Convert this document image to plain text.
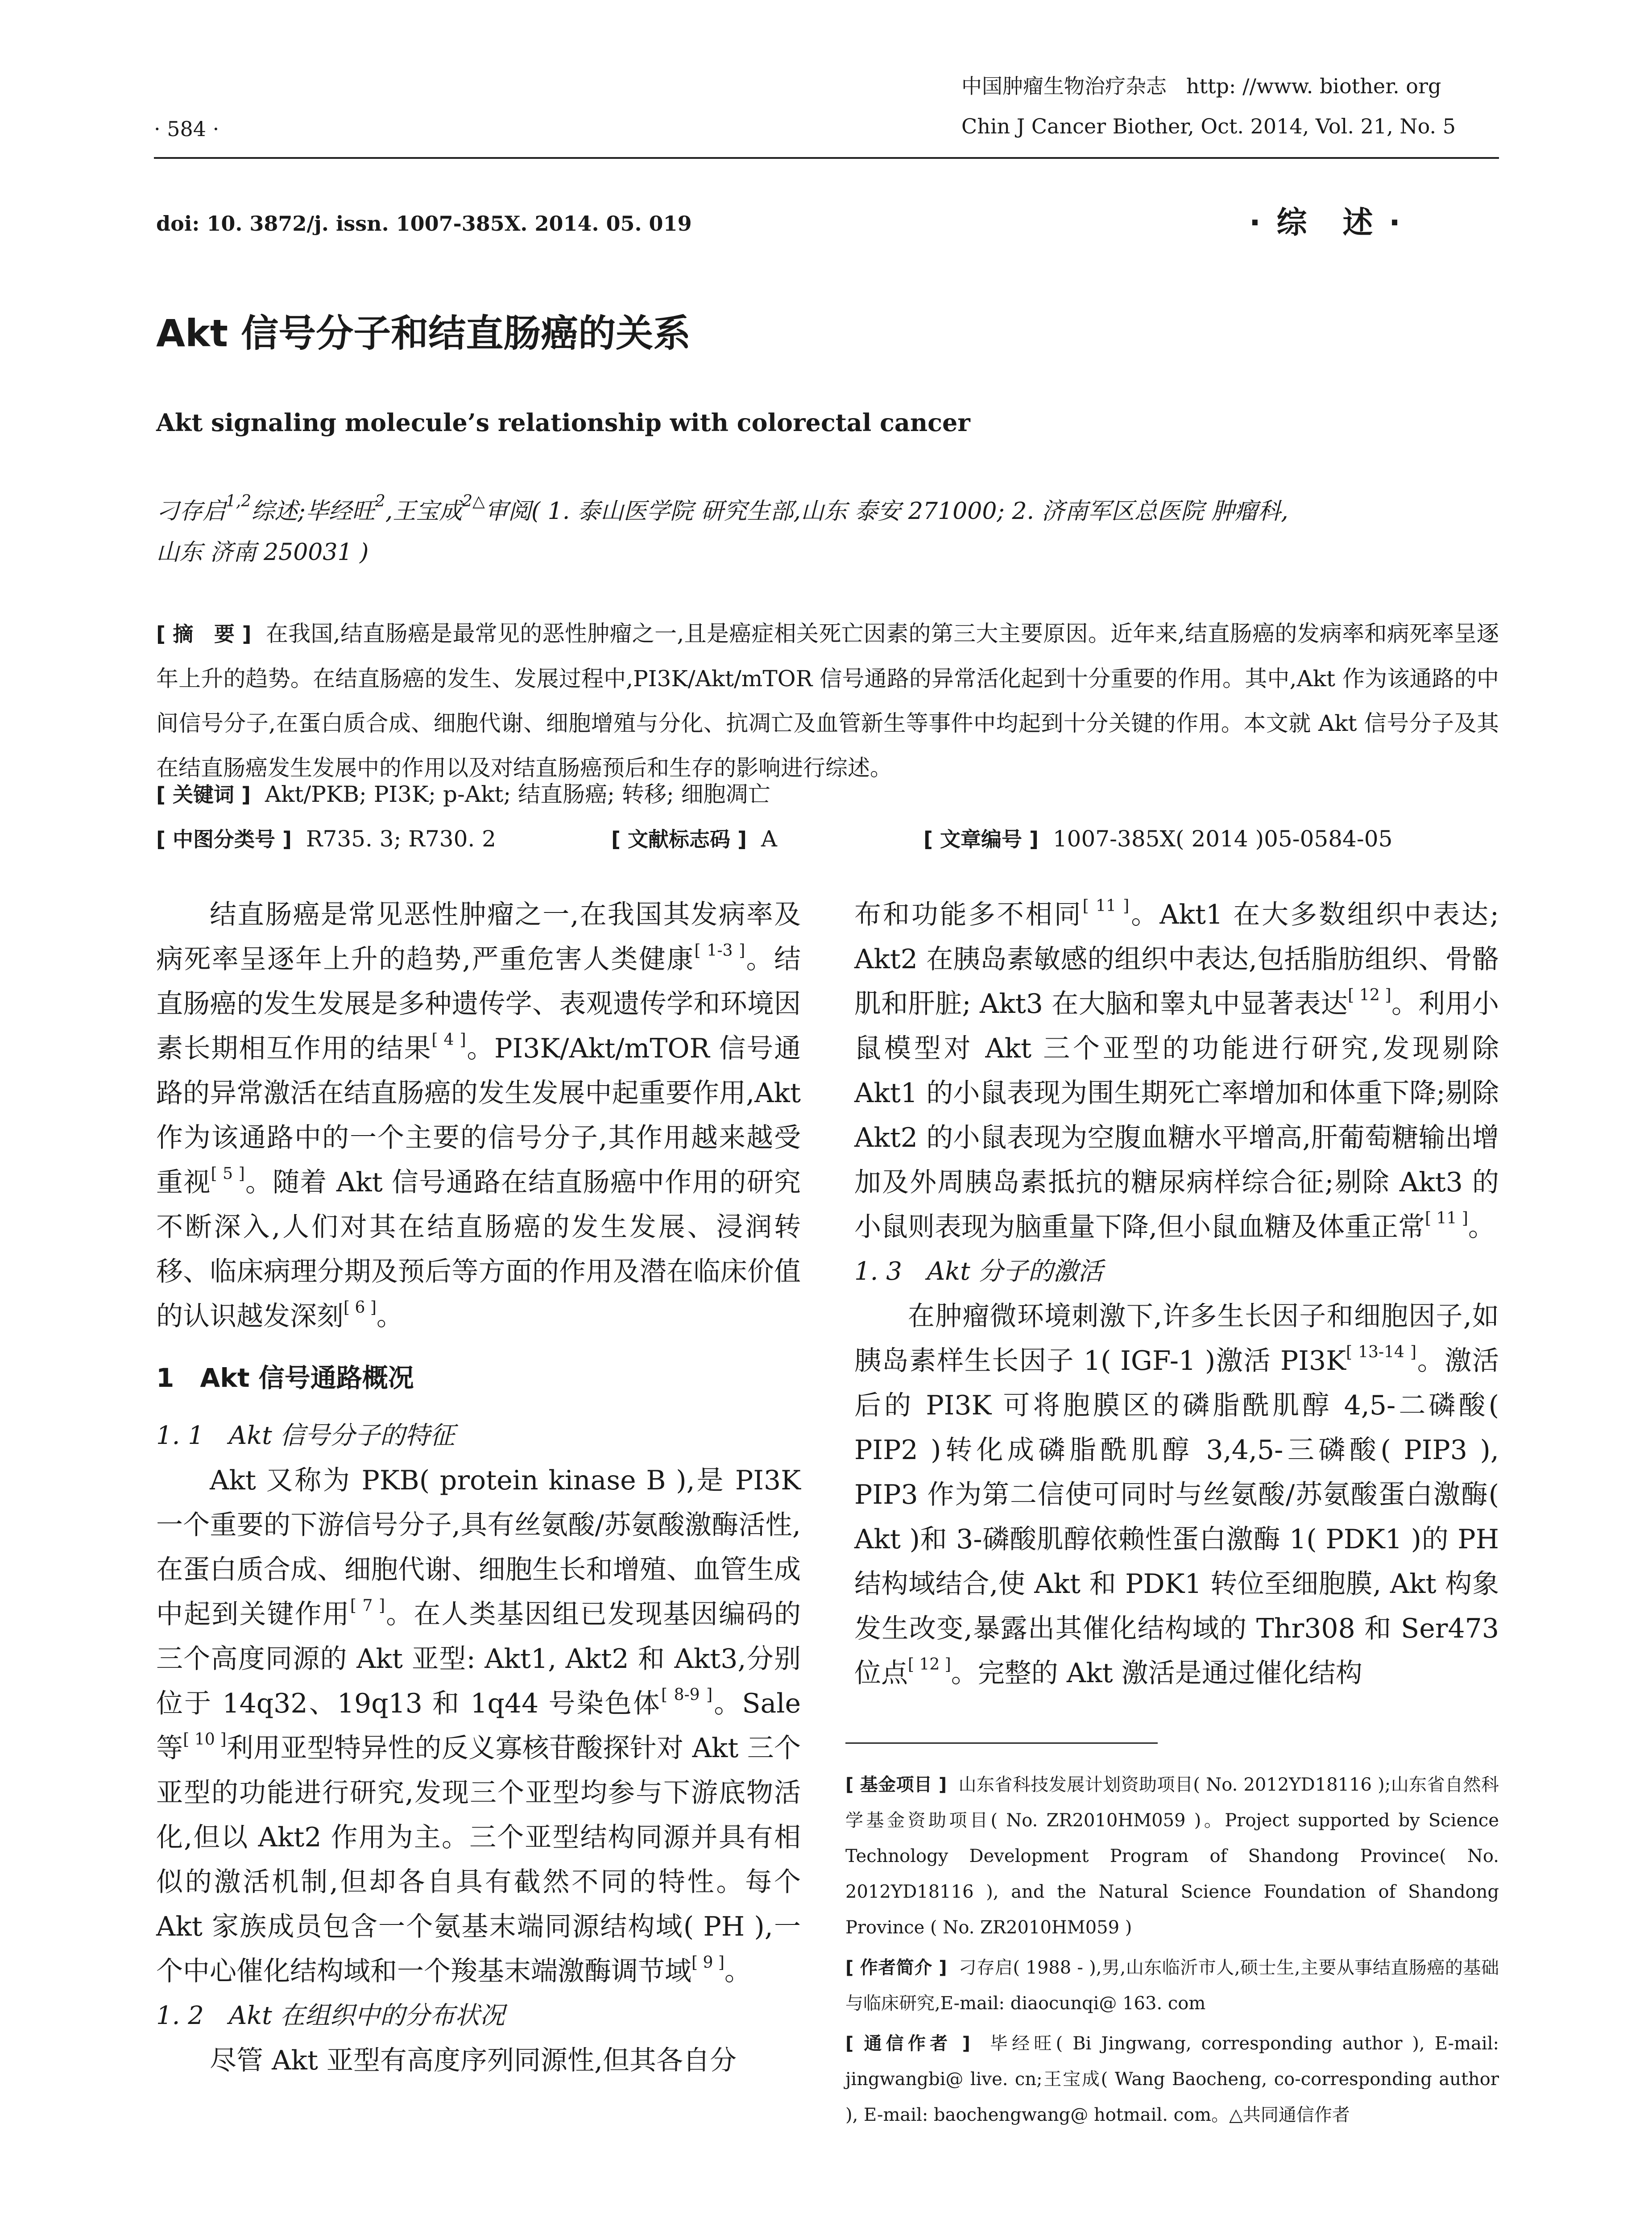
· 584 ·
中国肿瘤生物治疗杂志 http: //www. biother. org
Chin J Cancer Biother, Oct. 2014, Vol. 21, No. 5
doi: 10. 3872/j. issn. 1007-385X. 2014. 05. 019	· 综　述 ·
Akt 信号分子和结直肠癌的关系
Akt signaling molecule’s relationship with colorectal cancer
刁存启$^{1,2}$综述;毕经旺$^2$,王宝成$^{2\triangle}$审阅( 1. 泰山医学院 研究生部,山东 泰安 271000; 2. 济南军区总医院 肿瘤科,
山东 济南 250031 )
[ 摘　要 ] 在我国,结直肠癌是最常见的恶性肿瘤之一,且是癌症相关死亡因素的第三大主要原因。近年来,结直肠癌的发病率和病死率呈逐年上升的趋势。在结直肠癌的发生、发展过程中,PI3K/Akt/mTOR 信号通路的异常活化起到十分重要的作用。其中,Akt 作为该通路的中间信号分子,在蛋白质合成、细胞代谢、细胞增殖与分化、抗凋亡及血管新生等事件中均起到十分关键的作用。本文就 Akt 信号分子及其在结直肠癌发生发展中的作用以及对结直肠癌预后和生存的影响进行综述。
[ 关键词 ] Akt/PKB; PI3K; p-Akt; 结直肠癌; 转移; 细胞凋亡
[ 中图分类号 ] R735. 3; R730. 2	[ 文献标志码 ] A	[ 文章编号 ] 1007-385X( 2014 )05-0584-05

结直肠癌是常见恶性肿瘤之一,在我国其发病率及病死率呈逐年上升的趋势,严重危害人类健康[ 1-3 ]。结直肠癌的发生发展是多种遗传学、表观遗传学和环境因素长期相互作用的结果[ 4 ]。PI3K/Akt/mTOR 信号通路的异常激活在结直肠癌的发生发展中起重要作用,Akt 作为该通路中的一个主要的信号分子,其作用越来越受重视[ 5 ]。随着 Akt 信号通路在结直肠癌中作用的研究不断深入,人们对其在结直肠癌的发生发展、浸润转移、临床病理分期及预后等方面的作用及潜在临床价值的认识越发深刻[ 6 ]。

1　Akt 信号通路概况

1. 1　Akt 信号分子的特征

Akt 又称为 PKB( protein kinase B ),是 PI3K 一个重要的下游信号分子,具有丝氨酸/苏氨酸激酶活性,在蛋白质合成、细胞代谢、细胞生长和增殖、血管生成中起到关键作用[ 7 ]。在人类基因组已发现基因编码的三个高度同源的 Akt 亚型: Akt1, Akt2 和 Akt3,分别位于 14q32、19q13 和 1q44 号染色体[ 8-9 ]。Sale 等[ 10 ]利用亚型特异性的反义寡核苷酸探针对 Akt 三个亚型的功能进行研究,发现三个亚型均参与下游底物活化,但以 Akt2 作用为主。三个亚型结构同源并具有相似的激活机制,但却各自具有截然不同的特性。每个 Akt 家族成员包含一个氨基末端同源结构域( PH ),一个中心催化结构域和一个羧基末端激酶调节域[ 9 ]。

1. 2　Akt 在组织中的分布状况

尽管 Akt 亚型有高度序列同源性,但其各自分

布和功能多不相同[ 11 ]。Akt1 在大多数组织中表达; Akt2 在胰岛素敏感的组织中表达,包括脂肪组织、骨骼肌和肝脏; Akt3 在大脑和睾丸中显著表达[ 12 ]。利用小鼠模型对 Akt 三个亚型的功能进行研究,发现剔除 Akt1 的小鼠表现为围生期死亡率增加和体重下降;剔除 Akt2 的小鼠表现为空腹血糖水平增高,肝葡萄糖输出增加及外周胰岛素抵抗的糖尿病样综合征;剔除 Akt3 的小鼠则表现为脑重量下降,但小鼠血糖及体重正常[ 11 ]。

1. 3　Akt 分子的激活

在肿瘤微环境刺激下,许多生长因子和细胞因子,如胰岛素样生长因子 1( IGF-1 )激活 PI3K[ 13-14 ]。激活后的 PI3K 可将胞膜区的磷脂酰肌醇 4,5-二磷酸( PIP2 )转化成磷脂酰肌醇 3,4,5-三磷酸( PIP3 ), PIP3 作为第二信使可同时与丝氨酸/苏氨酸蛋白激酶( Akt )和 3-磷酸肌醇依赖性蛋白激酶 1( PDK1 )的 PH 结构域结合,使 Akt 和 PDK1 转位至细胞膜, Akt 构象发生改变,暴露出其催化结构域的 Thr308 和 Ser473 位点[ 12 ]。完整的 Akt 激活是通过催化结构

[ 基金项目 ] 山东省科技发展计划资助项目( No. 2012YD18116 );山东省自然科学基金资助项目( No. ZR2010HM059 )。Project supported by Science Technology Development Program of Shandong Province( No. 2012YD18116 ), and the Natural Science Foundation of Shandong Province ( No. ZR2010HM059 )
[ 作者简介 ] 刁存启( 1988 - ),男,山东临沂市人,硕士生,主要从事结直肠癌的基础与临床研究,E-mail: diaocunqi@ 163. com
[ 通信作者 ] 毕经旺( Bi Jingwang, corresponding author ), E-mail: jingwangbi@ live. cn;王宝成( Wang Baocheng, co-corresponding author ), E-mail: baochengwang@ hotmail. com。△共同通信作者
